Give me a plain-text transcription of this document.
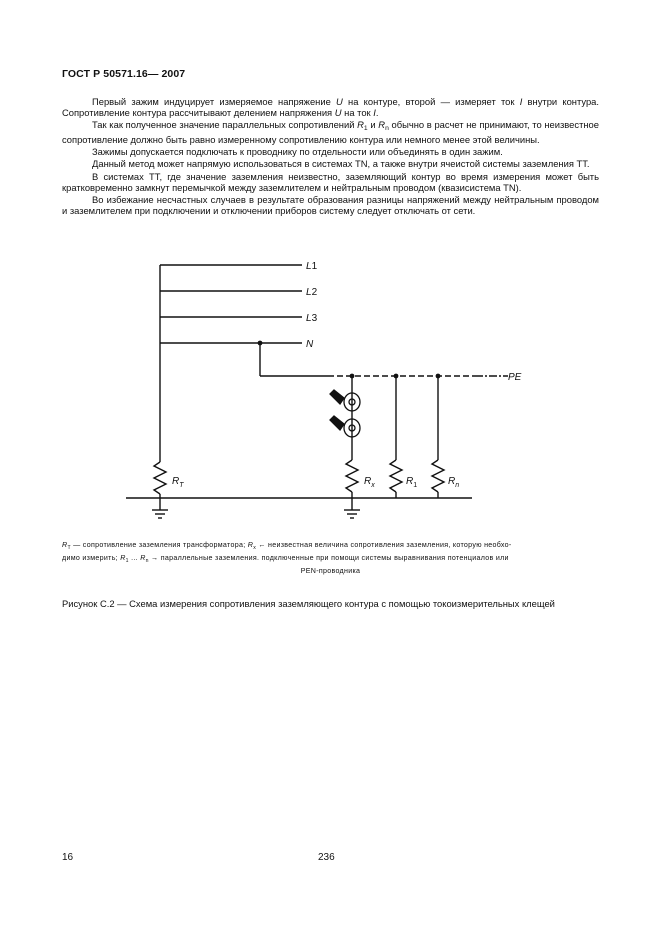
ГОСТ Р 50571.16— 2007

Первый зажим индуцирует измеряемое напряжение U на контуре, второй — измеряет ток I внутри контура. Сопротивление контура рассчитывают делением напряжения U на ток I.

Так как полученное значение параллельных сопротивлений $R_1$ и $R_n$ обычно в расчет не принимают, то неизвестное сопротивление должно быть равно измеренному сопротивлению контура или немного менее этой величины.

Зажимы допускается подключать к проводнику по отдельности или объединять в один зажим.

Данный метод может напрямую использоваться в системах TN, а также внутри ячеистой системы заземления ТТ.

В системах ТТ, где значение заземления неизвестно, заземляющий контур во время измерения может быть кратковременно замкнут перемычкой между заземлителем и нейтральным проводом (квазисистема TN).

Во избежание несчастных случаев в результате образования разницы напряжений между нейтральным проводом и заземлителем при подключении и отключении приборов систему следует отключать от сети.

L1
L2
L3
N
PE
$R_T$	$R_x$	$R_1$	$R_n$
$R_T$ — сопротивление заземления трансформатора; $R_x$ ← неизвестная величина сопротивления заземления, которую необхо-
димо измерить; $R_1$ ... $R_n$ → параллельные заземления. подключенные при помощи системы выравнивания потенциалов или
PEN-проводника
Рисунок С.2 — Схема измерения сопротивления заземляющего контура с помощью токоизмерительных клещей
16	236
